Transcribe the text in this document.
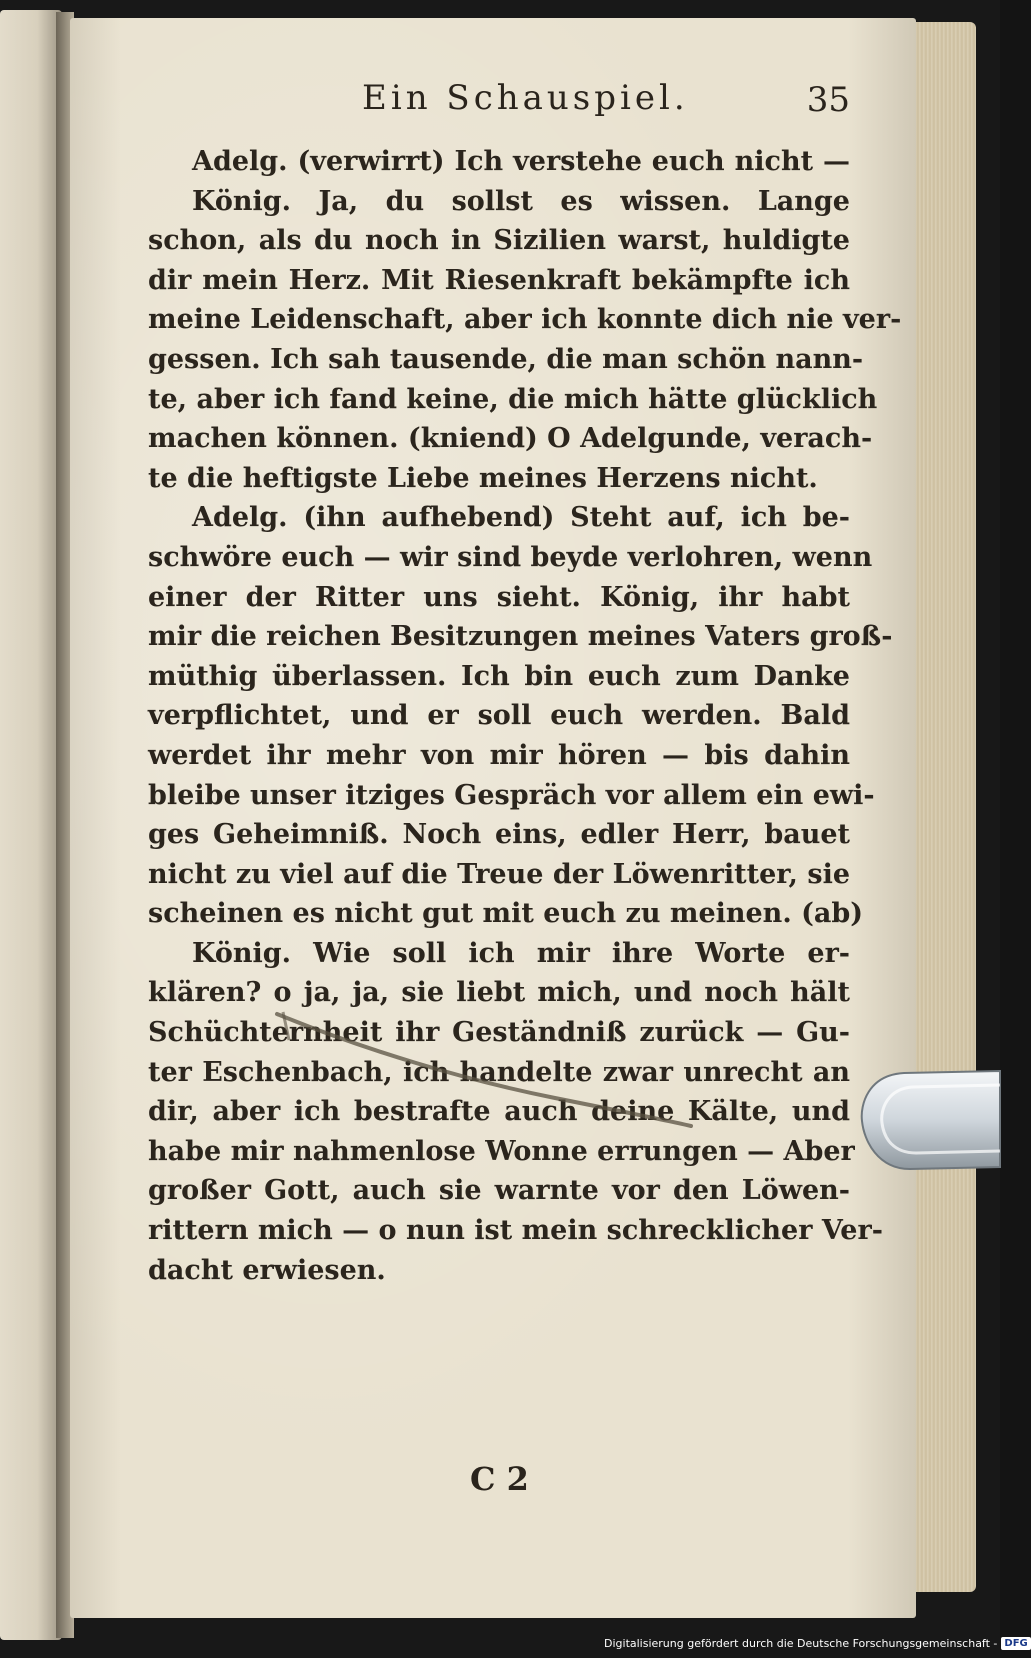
Ein Schauspiel.	35
Adelg. (verwirrt) Ich verstehe euch nicht —
König. Ja, du sollst es wissen. Lange
schon, als du noch in Sizilien warst, huldigte
dir mein Herz. Mit Riesenkraft bekämpfte ich
meine Leidenschaft, aber ich konnte dich nie ver-
gessen. Ich sah tausende, die man schön nann-
te, aber ich fand keine, die mich hätte glücklich
machen können. (kniend) O Adelgunde, verach-
te die heftigste Liebe meines Herzens nicht.
Adelg. (ihn aufhebend) Steht auf, ich be-
schwöre euch — wir sind beyde verlohren, wenn
einer der Ritter uns sieht. König, ihr habt
mir die reichen Besitzungen meines Vaters groß-
müthig überlassen. Ich bin euch zum Danke
verpflichtet, und er soll euch werden. Bald
werdet ihr mehr von mir hören — bis dahin
bleibe unser itziges Gespräch vor allem ein ewi-
ges Geheimniß. Noch eins, edler Herr, bauet
nicht zu viel auf die Treue der Löwenritter, sie
scheinen es nicht gut mit euch zu meinen. (ab)
König. Wie soll ich mir ihre Worte er-
klären? o ja, ja, sie liebt mich, und noch hält
Schüchternheit ihr Geständniß zurück — Gu-
ter Eschenbach, ich handelte zwar unrecht an
dir, aber ich bestrafte auch deine Kälte, und
habe mir nahmenlose Wonne errungen — Aber
großer Gott, auch sie warnte vor den Löwen-
rittern mich — o nun ist mein schrecklicher Ver-
dacht erwiesen.
C 2
Digitalisierung gefördert durch die Deutsche Forschungsgemeinschaft - DFG
